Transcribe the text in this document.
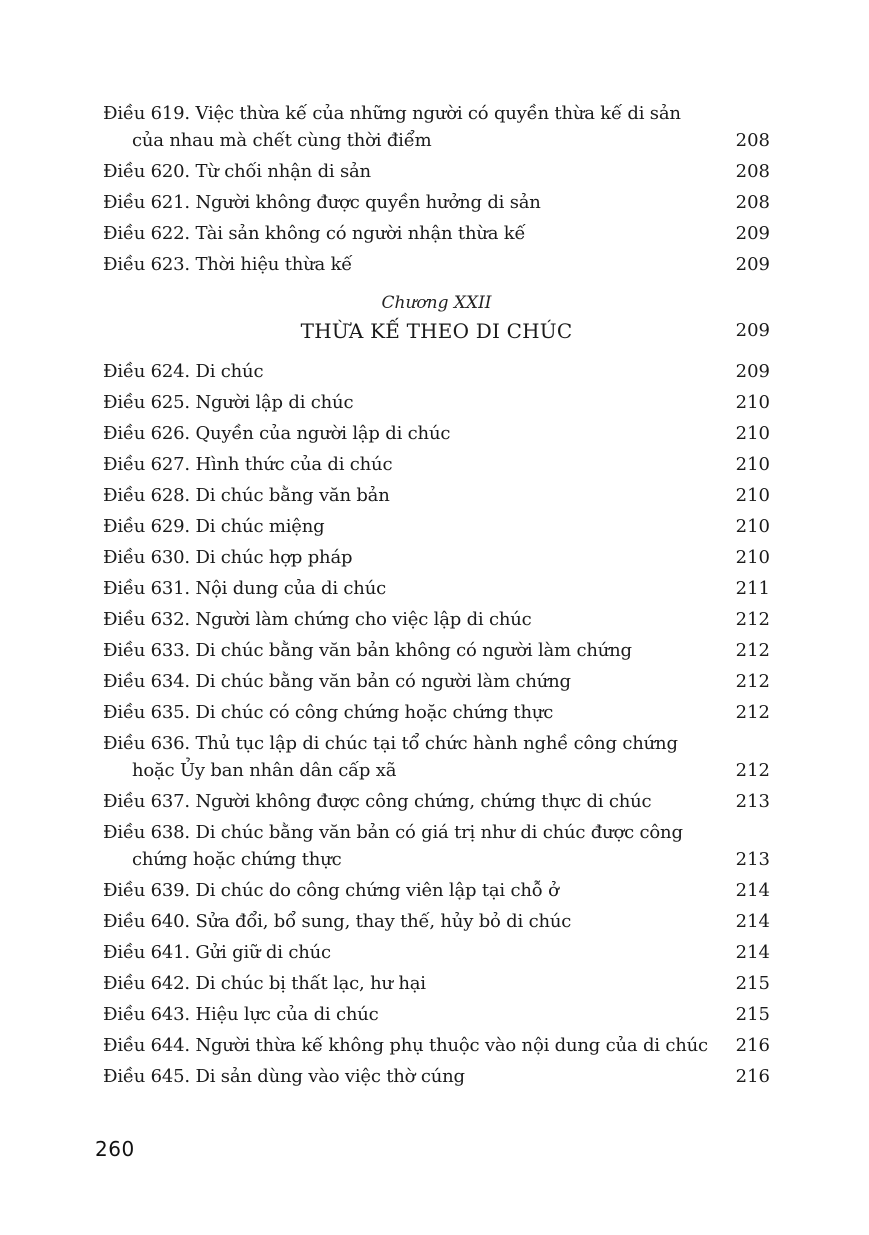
Điều 619. Việc thừa kế của những người có quyền thừa kế di sản của nhau mà chết cùng thời điểm	208
Điều 620. Từ chối nhận di sản	208
Điều 621. Người không được quyền hưởng di sản	208
Điều 622. Tài sản không có người nhận thừa kế	209
Điều 623. Thời hiệu thừa kế	209
Chương XXII
THỪA KẾ THEO DI CHÚC	209
Điều 624. Di chúc	209
Điều 625. Người lập di chúc	210
Điều 626. Quyền của người lập di chúc	210
Điều 627. Hình thức của di chúc	210
Điều 628. Di chúc bằng văn bản	210
Điều 629. Di chúc miệng	210
Điều 630. Di chúc hợp pháp	210
Điều 631. Nội dung của di chúc	211
Điều 632. Người làm chứng cho việc lập di chúc	212
Điều 633. Di chúc bằng văn bản không có người làm chứng	212
Điều 634. Di chúc bằng văn bản có người làm chứng	212
Điều 635. Di chúc có công chứng hoặc chứng thực	212
Điều 636. Thủ tục lập di chúc tại tổ chức hành nghề công chứng hoặc Ủy ban nhân dân cấp xã	212
Điều 637. Người không được công chứng, chứng thực di chúc	213
Điều 638. Di chúc bằng văn bản có giá trị như di chúc được công chứng hoặc chứng thực	213
Điều 639. Di chúc do công chứng viên lập tại chỗ ở	214
Điều 640. Sửa đổi, bổ sung, thay thế, hủy bỏ di chúc	214
Điều 641. Gửi giữ di chúc	214
Điều 642. Di chúc bị thất lạc, hư hại	215
Điều 643. Hiệu lực của di chúc	215
Điều 644. Người thừa kế không phụ thuộc vào nội dung của di chúc 216
Điều 645. Di sản dùng vào việc thờ cúng	216
260
